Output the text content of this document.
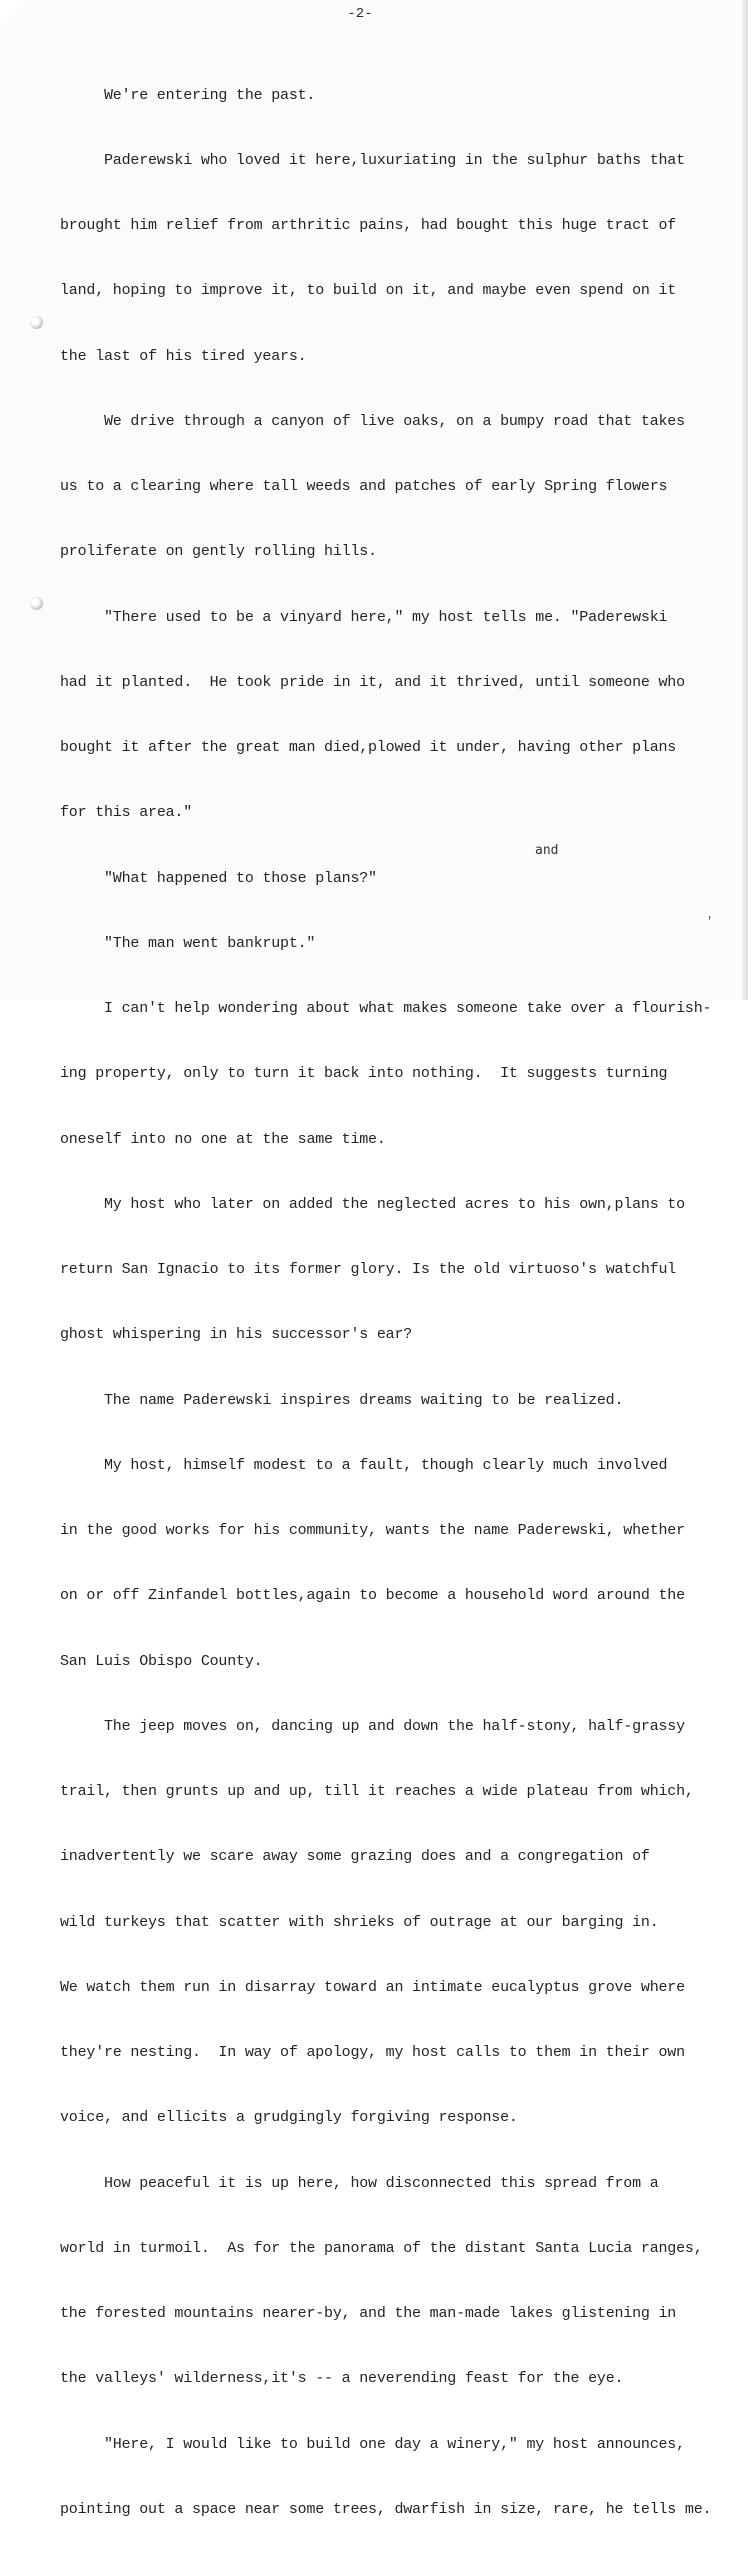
-2-

We're entering the past.

Paderewski who loved it here,luxuriating in the sulphur baths that

brought him relief from arthritic pains, had bought this huge tract of

land, hoping to improve it, to build on it, and maybe even spend on it

the last of his tired years.

We drive through a canyon of live oaks, on a bumpy road that takes

us to a clearing where tall weeds and patches of early Spring flowers

proliferate on gently rolling hills.

"There used to be a vinyard here," my host tells me. "Paderewski

had it planted.  He took pride in it, and it thrived, until someone who

bought it after the great man died,plowed it under, having other plans

for this area."

"What happened to those plans?"

"The man went bankrupt."

I can't help wondering about what makes someone take over a flourish-

ing property, only to turn it back into nothing.  It suggests turning

oneself into no one at the same time.

My host who later on added the neglected acres to his own,plans to

return San Ignacio to its former glory. Is the old virtuoso's watchful

ghost whispering in his successor's ear?

The name Paderewski inspires dreams waiting to be realized.

My host, himself modest to a fault, though clearly much involved

in the good works for his community, wants the name Paderewski, whether

on or off Zinfandel bottles,again to become a household word around the

San Luis Obispo County.

The jeep moves on, dancing up and down the half-stony, half-grassy

trail, then grunts up and up, till it reaches a wide plateau from which,

inadvertently we scare away some grazing does and a congregation of

wild turkeys that scatter with shrieks of outrage at our barging in.

We watch them run in disarray toward an intimate eucalyptus grove where

they're nesting.  In way of apology, my host calls to them in their own

voice, and ellicits a grudgingly forgiving response.

How peaceful it is up here, how disconnected this spread from a

world in turmoil.  As for the panorama of the distant Santa Lucia ranges,

the forested mountains nearer-by, and the man-made lakes glistening in

the valleys' wilderness,it's -- a neverending feast for the eye.

"Here, I would like to build one day a winery," my host announces,

pointing out a space near some trees, dwarfish in size, rare, he tells me.

and
'
